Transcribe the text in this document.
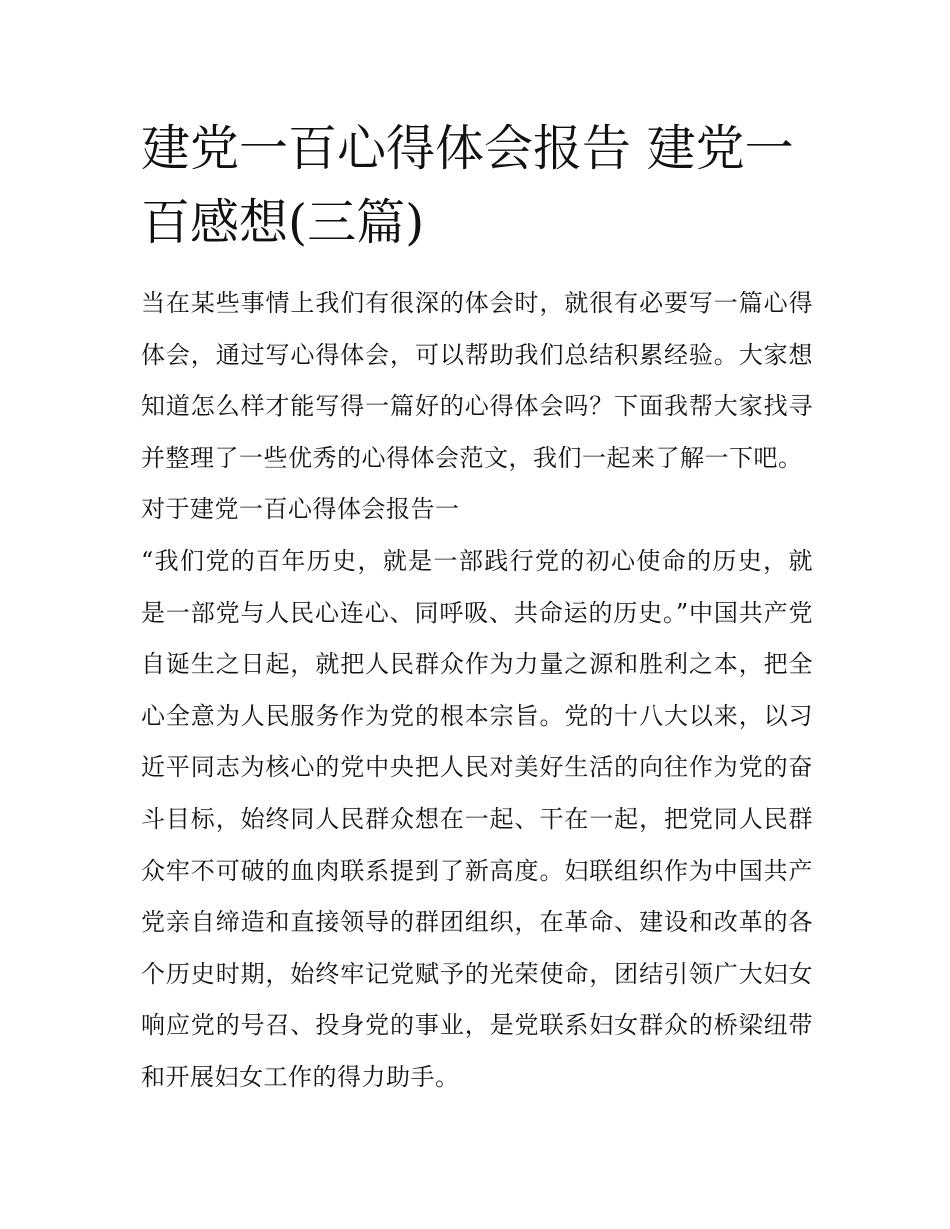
建党一百心得体会报告 建党一百感想(三篇)

当在某些事情上我们有很深的体会时，就很有必要写一篇心得体会，通过写心得体会，可以帮助我们总结积累经验。大家想知道怎么样才能写得一篇好的心得体会吗？下面我帮大家找寻并整理了一些优秀的心得体会范文，我们一起来了解一下吧。

对于建党一百心得体会报告一

“我们党的百年历史，就是一部践行党的初心使命的历史，就是一部党与人民心连心、同呼吸、共命运的历史。”中国共产党自诞生之日起，就把人民群众作为力量之源和胜利之本，把全心全意为人民服务作为党的根本宗旨。党的十八大以来，以习近平同志为核心的党中央把人民对美好生活的向往作为党的奋斗目标，始终同人民群众想在一起、干在一起，把党同人民群众牢不可破的血肉联系提到了新高度。妇联组织作为中国共产党亲自缔造和直接领导的群团组织，在革命、建设和改革的各个历史时期，始终牢记党赋予的光荣使命，团结引领广大妇女响应党的号召、投身党的事业，是党联系妇女群众的桥梁纽带和开展妇女工作的得力助手。
